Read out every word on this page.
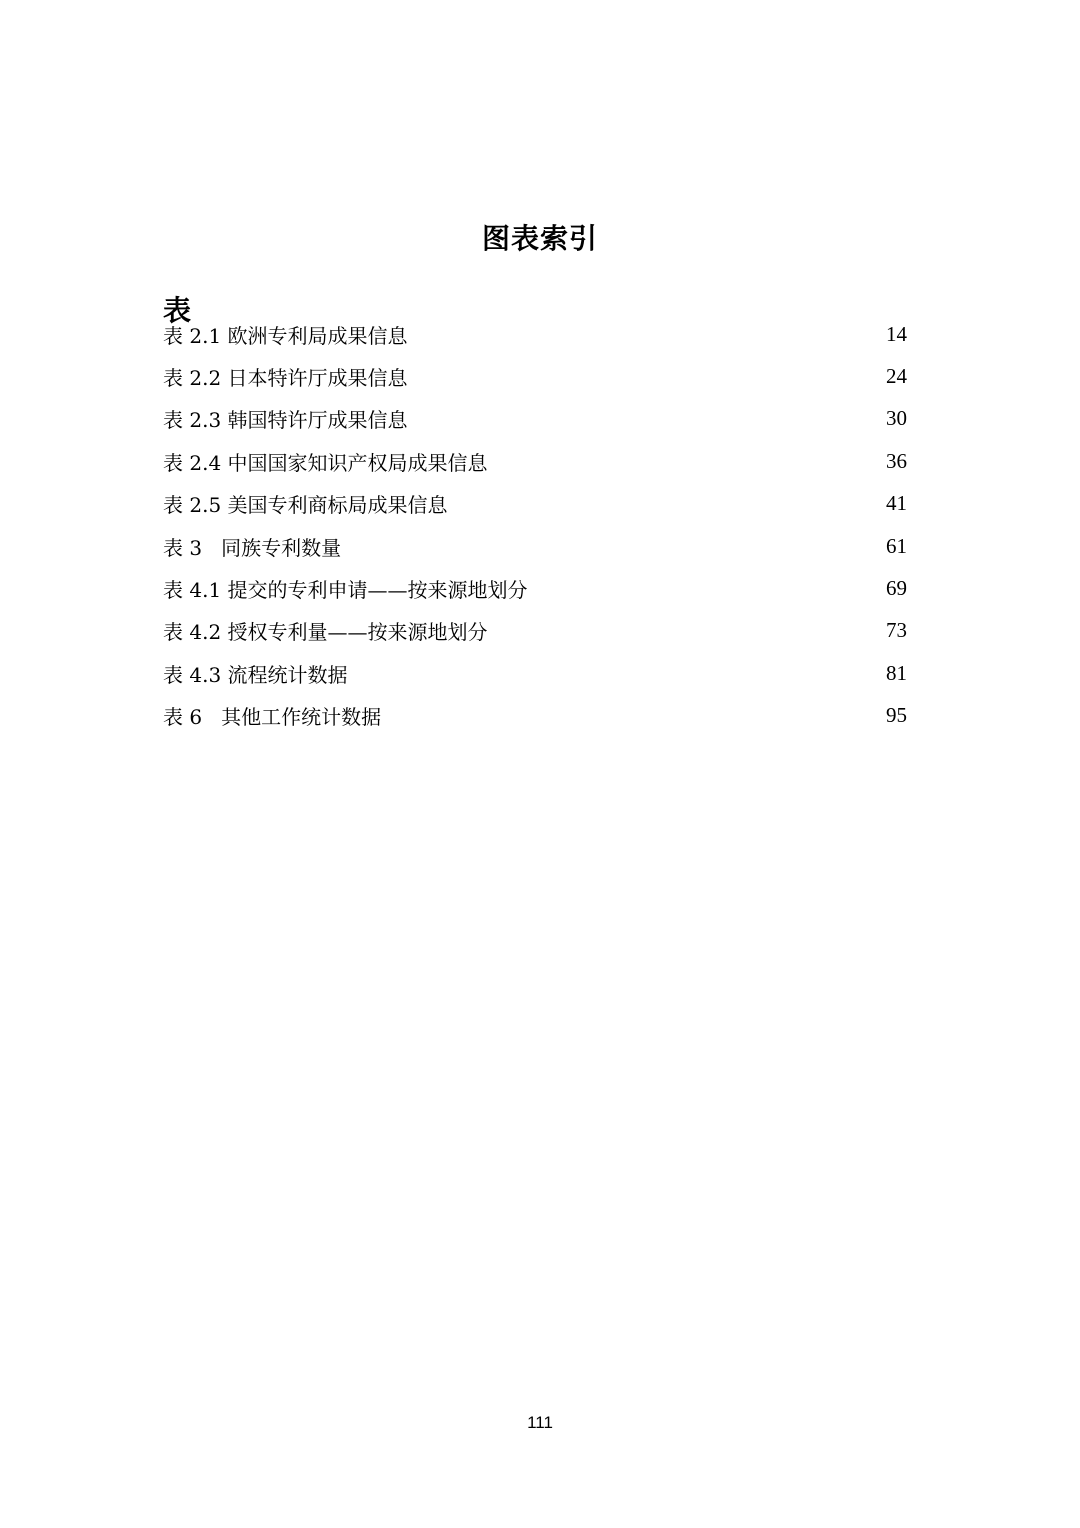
图表索引
表
表 2.1 欧洲专利局成果信息	14
表 2.2 日本特许厅成果信息	24
表 2.3 韩国特许厅成果信息	30
表 2.4 中国国家知识产权局成果信息	36
表 2.5 美国专利商标局成果信息	41
表 3   同族专利数量	61
表 4.1 提交的专利申请——按来源地划分	69
表 4.2 授权专利量——按来源地划分	73
表 4.3 流程统计数据	81
表 6   其他工作统计数据	95
111
